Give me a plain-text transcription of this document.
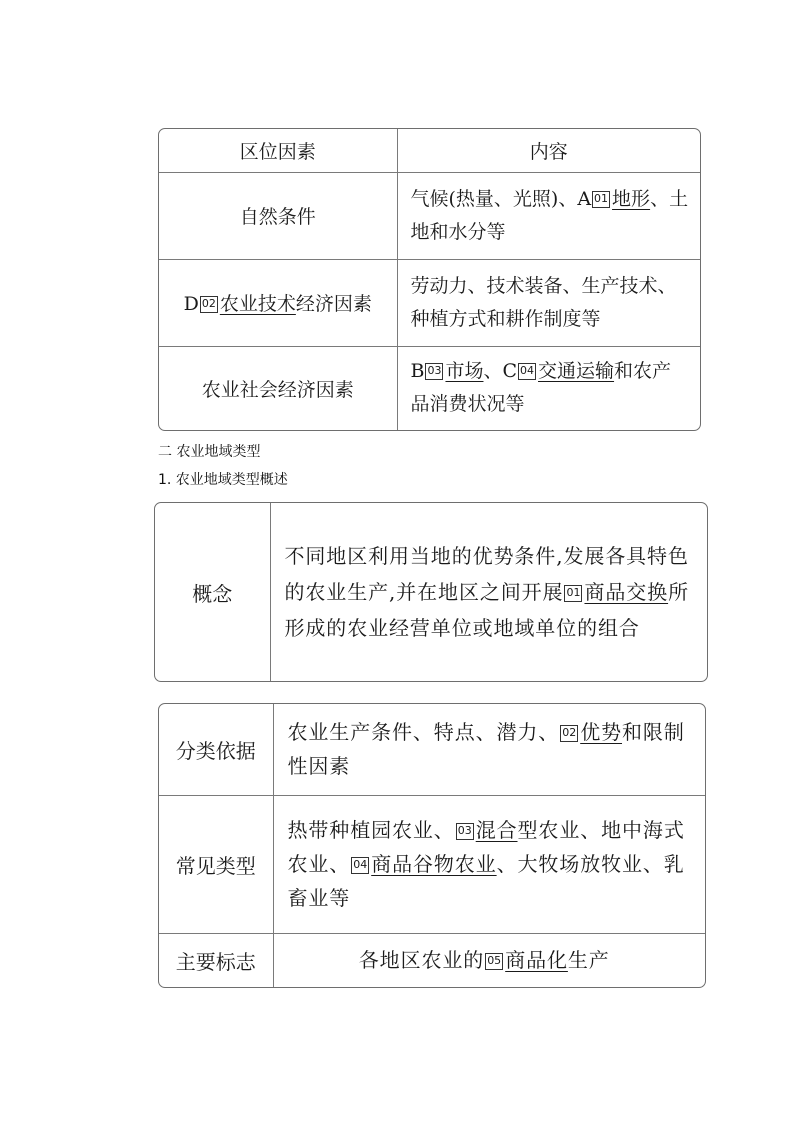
区位因素	内容
自然条件	气候(热量、光照)、A 01 地形、土地和水分等
D 02 农业技术经济因素	劳动力、技术装备、生产技术、种植方式和耕作制度等
农业社会经济因素	B 03 市场、C 04 交通运输和农产品消费状况等
二 农业地域类型
1. 农业地域类型概述
概念	不同地区利用当地的优势条件,发展各具特色的农业生产,并在地区之间开展 01 商品交换所形成的农业经营单位或地域单位的组合
分类依据	农业生产条件、特点、潜力、 02 优势和限制性因素
常见类型	热带种植园农业、 03 混合型农业、地中海式农业、 04 商品谷物农业、大牧场放牧业、乳畜业等
主要标志	各地区农业的 05 商品化生产
